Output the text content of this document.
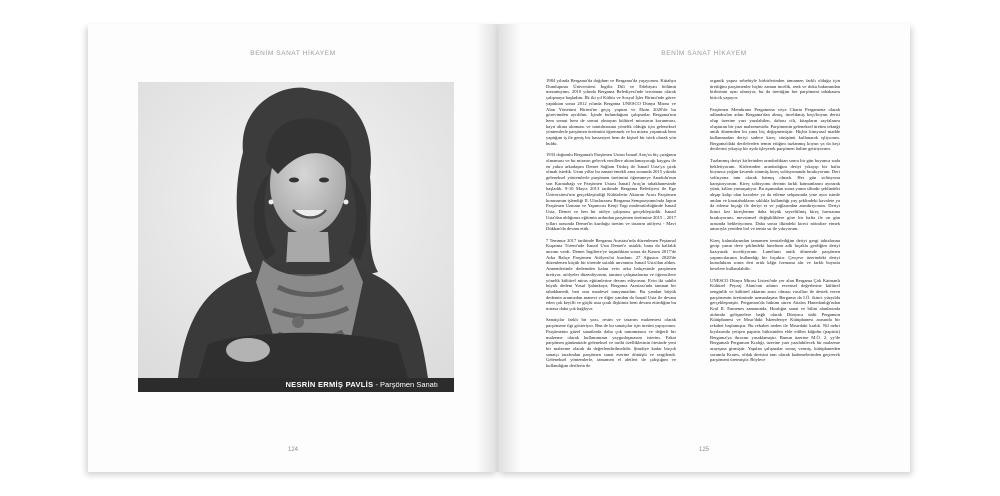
BENİM SANAT HİKAYEM
NESRİN ERMİŞ PAVLİS - Parşömen Sanatı
124
BENİM SANAT HİKAYEM

1984 yılında Bergama'da doğdum ve Bergama'da yaşıyorum. Kütahya Dumlupınar Üniversitesi İngiliz Dili ve Edebiyatı bölümü mezunuyum. 2010 yılında Bergama Belediyesi'nde tercüman olarak çalışmaya başladım. İlk iki yıl Kültür ve Sosyal İşler Birimi'nde görev yaptıktan sonra 2012 yılında Bergama UNESCO Dünya Mirası ve Alan Yönetimi Birimi'ne geçiş yaptım ve Ekim 2020'de bu görevimden ayrıldım. İçinde bulunduğum çalışmalar Bergama'nın hem somut hem de somut olmayan kültürel mirasının korunması, kayıt altına alınması ve tanıtılmasına yönelik olduğu için geleneksel yöntemlerle parşömen üretimini öğrenmek ve bu mirası yaşatmak hem yaptığım iş ile geniş bir hassasiyet hem de kişisel bir istek olarak yön buldu.

1933 doğumlu Bergamalı Parşömen Ustası İsmail Araç'ın hiç çırağının olmaması ve bu mirasın gelecek nesillere aktarılamayacağı kaygısı ile en yakın arkadaşım Demet Sağlam Türkiş ile İsmail Usta'ya çırak olmak istedik. Uzun yıllar bu zanaat emekli ama sonunda 2015 yılında geleneksel yöntemlerle parşömen üretimini öğrenmeye Anadolu'nun son Karatabağı ve Parşömen Ustası İsmail Araç'ın tabakhanesinde başladık. 9-10 Mayıs 2013 tarihinde Bergama Belediyesi ile Ege Üniversitesi'nin gerçekleştirdiği Kültürlerin Aktarım Aracı Parşömen konusunun işlendiği II. Uluslararası Bergama Sempozyumu'nda Japon Parşömen Uzmanı ve Yapımcısı Kenji Yagi moderatörlüğünde İsmail Usta, Demet ve ben bir atölye çalışması gerçekleştirdik. İsmail Usta'dan aldığımız eğitimin ardından parşömen üretimine 2015 – 2017 yılları arasında Demet'in kurduğu üretim ve tasarım atölyesi - Mavi Dükkan'da devam ettik.

7 Temmuz 2017 tarihinde Bergama Arastası'nda düzenlenen Peştamal Kuşatma Töreni'nde İsmail Usta Demet'e ustalık, bana da kalfalık unvanı verdi. Demet İngiltere'ye taşındıktan sonra da Kasım 2017'de Arka Bahçe Parşömen Atölyesi'ni kurdum. 27 Ağustos 2020'de düzenlenen küçük bir törende ustalık unvanımı İsmail Usta'dan aldım. Annemlerimle dedemden kalan evin arka bahçesinde parşömen üretiyor, atölyeler düzenliyorum, tanıtım çalışmalarına ve öğrencilere yönelik kültürel miras eğitimlerine devam ediyorum. Evin iki sahibi büyük dedem Yusuf Şahinkaya, Bergama Arastası'nda tanınan bir tabakhanedi, ben onu maalesef tanıyamadım. Bu yandan büyük dedemin aramızdan manevi ve diğer yandan da İsmail Usta ile devam eden çok keyifli ve güçlü usta çırak ilişkimiz beni devam ettirdiğim bu mirasa daha çok bağlıyor.

Sanatçılar farklı bir yazı, resim ve tasarım malzemesi olarak parşömene ilgi gösteriyor. Ben de bu sanatçılar için üretim yapıyorum. Parşömenin güzel sanatlarda daha çok tanınmasını ve değerli bir malzeme olarak kullanımının yaygınlaşmasını isterim. Fakat parşömen günümüzde geleneksel ve tarihi özelliklerinin ötesinde yeni bir malzeme olarak da değerlendirilmelidir. Şimdiye kadar birçok sanatçı tarafından parşömen sanat eserine dönüştü ve sergilendi. Geleneksel yöntemlerle, tamamen el aletleri ile çalıştığım ve kullandığım derilerin de

organik yapısı sebebiyle birbirlerinden tamamen farklı olduğu için ürettiğim parşömenler hiçbir zaman incelik, renk ve doku bakımından birbirinin aynı olmuyor, bu da ürettiğim her parşömeni tabakasını biricik yapıyor.

Parşömen Membrana Pergamena veya Charta Pergamena olarak adlandırılan adını Bergama'dan almış, incelikmiş keçi/koyun derisi olup üzerine yazı yazılabilen, dahası cilt, kitapların sayfalarını oluşturan bir yazı malzemesidir. Parşömenin geleneksel üretim tekniği antik dönemden bu yana hiç değişmemiştir. Hiçbir kimyasal madde kullanmadan deriyi sadece kireç sürüşünü kullanarak işliyorum. Bergama'daki derilelerden temin ettiğim tuzlanmış koyun ya da keçi derilerini yıkayıp bir ayda işleyerek parşömen haline getiriyorum.

Tuzlanmış deriyi kirlerinden arındırdıktan sonra bir gün boyunca suda bekletiyorum. Kirlerinden arındırdığım deriyi yıkayıp bir hafta boyunca yoğun kıvamlı sönmüş kireç solüsyonunda bırakıyorum. Deri solüsyona tam olarak batmış olmalı. Her gün solüsyonu karıştırıyorum. Kireç solüsyonu derinin farklı katmanlarını ayırarak yünü, kılları yumuşatıyor. Bu aşamadan sonra yanın silindir şeklindeki ahşap kalıp olan kavalete ya da etleme sehpasında yine ayın isimle anılan ve karatabakların sıklıkla kullandığı yay şeklindeki kavalete ya da etleme bıçağı ile deriyi et ve yağlarından arındırıyorum. Deriyi ikinci kez kireçlenme daha büyük seyreltilmiş kireç havuzuna bırakıyorum, mevsimsel değişikliklere göre bir hafta ile on gün arasında bekletiyorum. Daha sonra ilkindeki kireci nötralize etmek amacıyla yeniden bol ve temiz su ile yıkıyorum.

Kireç kalıntılarından tamamen temizlediğim deriyi gergi tahtalarına gerip yanın deve şeklindeki lunelium adlı bıçakla gerdiğim deriyi kazıyarak inceltiyorum. Lunelium antik dönemde parşömen yapımcılarının kullandığı bir bıçaktır. Çerçeve üzerindeki deriyi kuruduktan sonra deri artık kâğıt formunu alır ve farklı boyutta keselere kullanılabilir.

UNESCO Dünya Mirası Listesi'nde yer alan Bergama Çok Katmanlı Kültürel Peyzaj Alanı'nın adının evrensel değerlerine kültürel zenginlik ve kültürel aktarım aracı olması vasıfları ile destek veren parşömenin üretiminde uzmanlaşma Bergama da I.Ö. ikinci yüzyılda gerçekleşmiştir. Pergamon'da hüküm süren Attalos Hanedanlığı'ndan Kral II. Eumenes zamanında, Hıralığın sanat ve bilim alanlarında atılımda gelişmelere bağlı olarak Dünyaca ünlü Pergamon Kütüphanesi ve Mısır'daki İskenderiye Kütüphanesi arasında bir rekabet başlamıştır. Bu rekabet neden ile Mısırdaki kralık. Nil nehri kıyılarında yetişen papirüs bitkisinden elde edilen kâğıdın (papirüs) Bergama'ya ihracını yasaklamıştır. Bunun üzerine M.Ö. 2. yy'de Bergamalı Pergamon Kralığı, üzerine yazı yazılabilecek bir malzeme arayışına girmiştir. Yapılan çalışmalar sonuç vermiş, kütüphaneden sorumlu Krates, ofdak derisini tam olarak kademelerinden geçirerek parşömeni üretmiştir. Böylece

125
